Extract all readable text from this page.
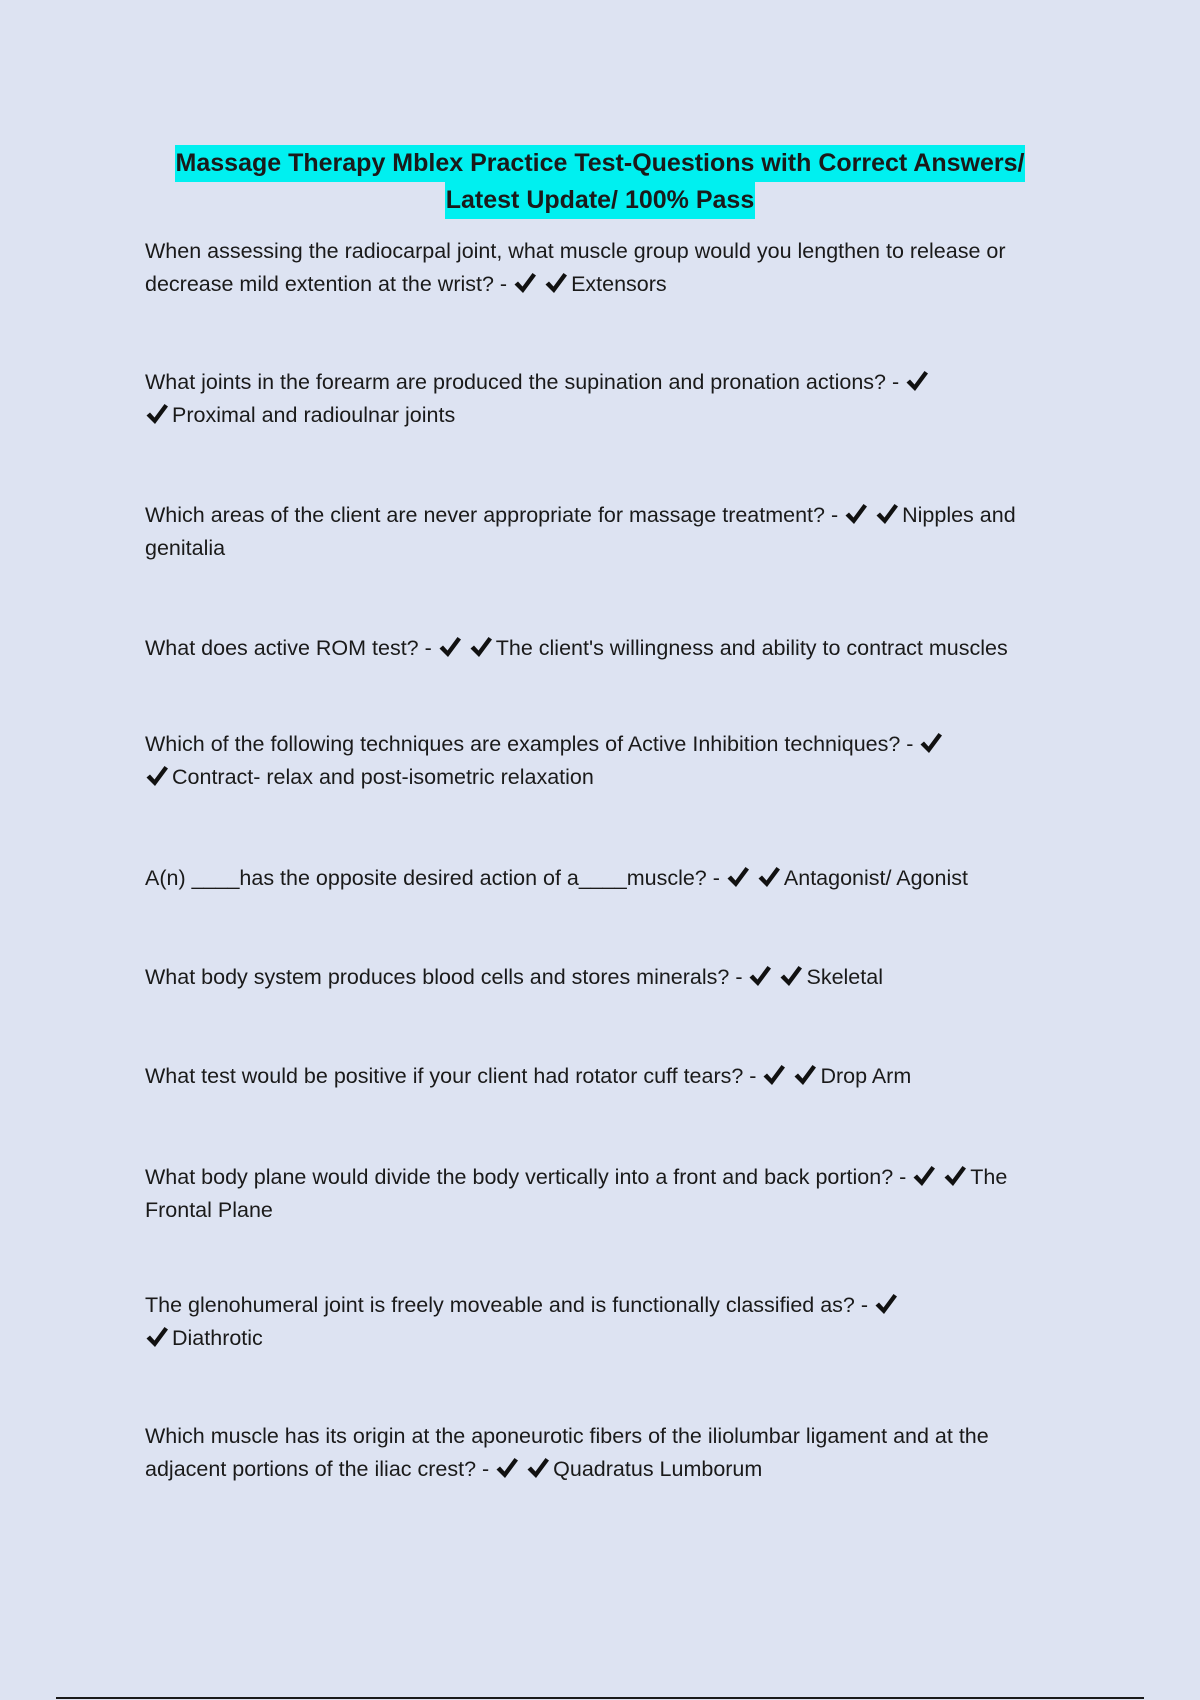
Massage Therapy Mblex Practice Test-Questions with Correct Answers/
Latest Update/ 100% Pass
When assessing the radiocarpal joint, what muscle group would you lengthen to release or decrease mild extention at the wrist? -	Extensors
What joints in the forearm are produced the supination and pronation actions? -
Proximal and radioulnar joints
Which areas of the client are never appropriate for massage treatment? -	Nipples and genitalia
What does active ROM test? -	The client's willingness and ability to contract muscles
Which of the following techniques are examples of Active Inhibition techniques? -
Contract- relax and post-isometric relaxation
A(n) ____has the opposite desired action of a____muscle? -	Antagonist/ Agonist
What body system produces blood cells and stores minerals? -	Skeletal
What test would be positive if your client had rotator cuff tears? -	Drop Arm
What body plane would divide the body vertically into a front and back portion? -	The Frontal Plane
The glenohumeral joint is freely moveable and is functionally classified as? -
Diathrotic
Which muscle has its origin at the aponeurotic fibers of the iliolumbar ligament and at the adjacent portions of the iliac crest? -	Quadratus Lumborum
